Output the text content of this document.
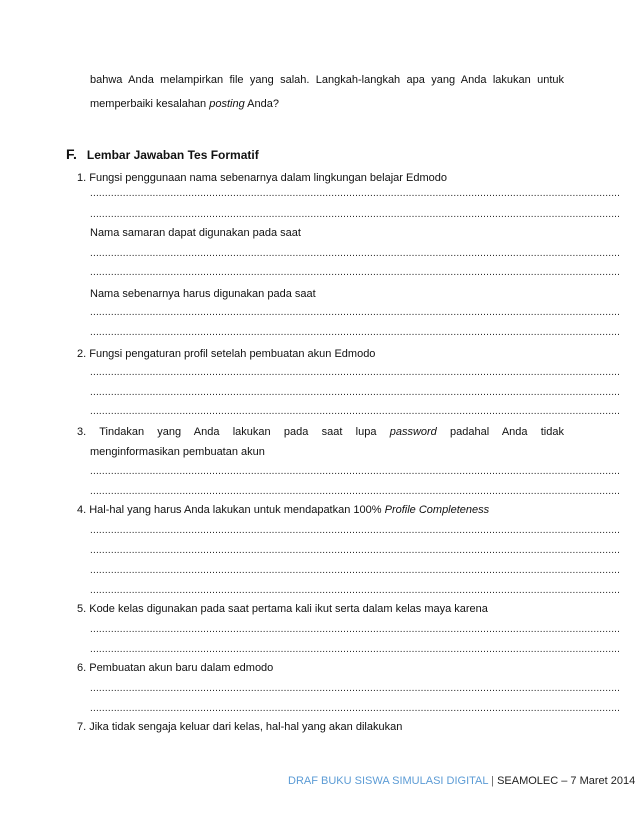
bahwa Anda melampirkan file yang salah. Langkah-langkah apa yang Anda lakukan untuk
memperbaiki kesalahan posting Anda?
F. Lembar Jawaban Tes Formatif
1. Fungsi penggunaan nama sebenarnya dalam lingkungan belajar Edmodo
..................................................................................................................................................................................
..................................................................................................................................................................................
Nama samaran dapat digunakan pada saat
..................................................................................................................................................................................
..................................................................................................................................................................................
Nama sebenarnya harus digunakan pada saat
..................................................................................................................................................................................
..................................................................................................................................................................................
2. Fungsi pengaturan profil setelah pembuatan akun Edmodo
..................................................................................................................................................................................
..................................................................................................................................................................................
..................................................................................................................................................................................
3. Tindakan yang Anda lakukan pada saat lupa password padahal Anda tidak
menginformasikan pembuatan akun
..................................................................................................................................................................................
..................................................................................................................................................................................
4. Hal-hal yang harus Anda lakukan untuk mendapatkan 100% Profile Completeness
..................................................................................................................................................................................
..................................................................................................................................................................................
..................................................................................................................................................................................
..................................................................................................................................................................................
5. Kode kelas digunakan pada saat pertama kali ikut serta dalam kelas maya karena
..................................................................................................................................................................................
..................................................................................................................................................................................
6. Pembuatan akun baru dalam edmodo
..................................................................................................................................................................................
..................................................................................................................................................................................
7. Jika tidak sengaja keluar dari kelas, hal-hal yang akan dilakukan
DRAF BUKU SISWA SIMULASI DIGITAL | SEAMOLEC – 7 Maret 2014
